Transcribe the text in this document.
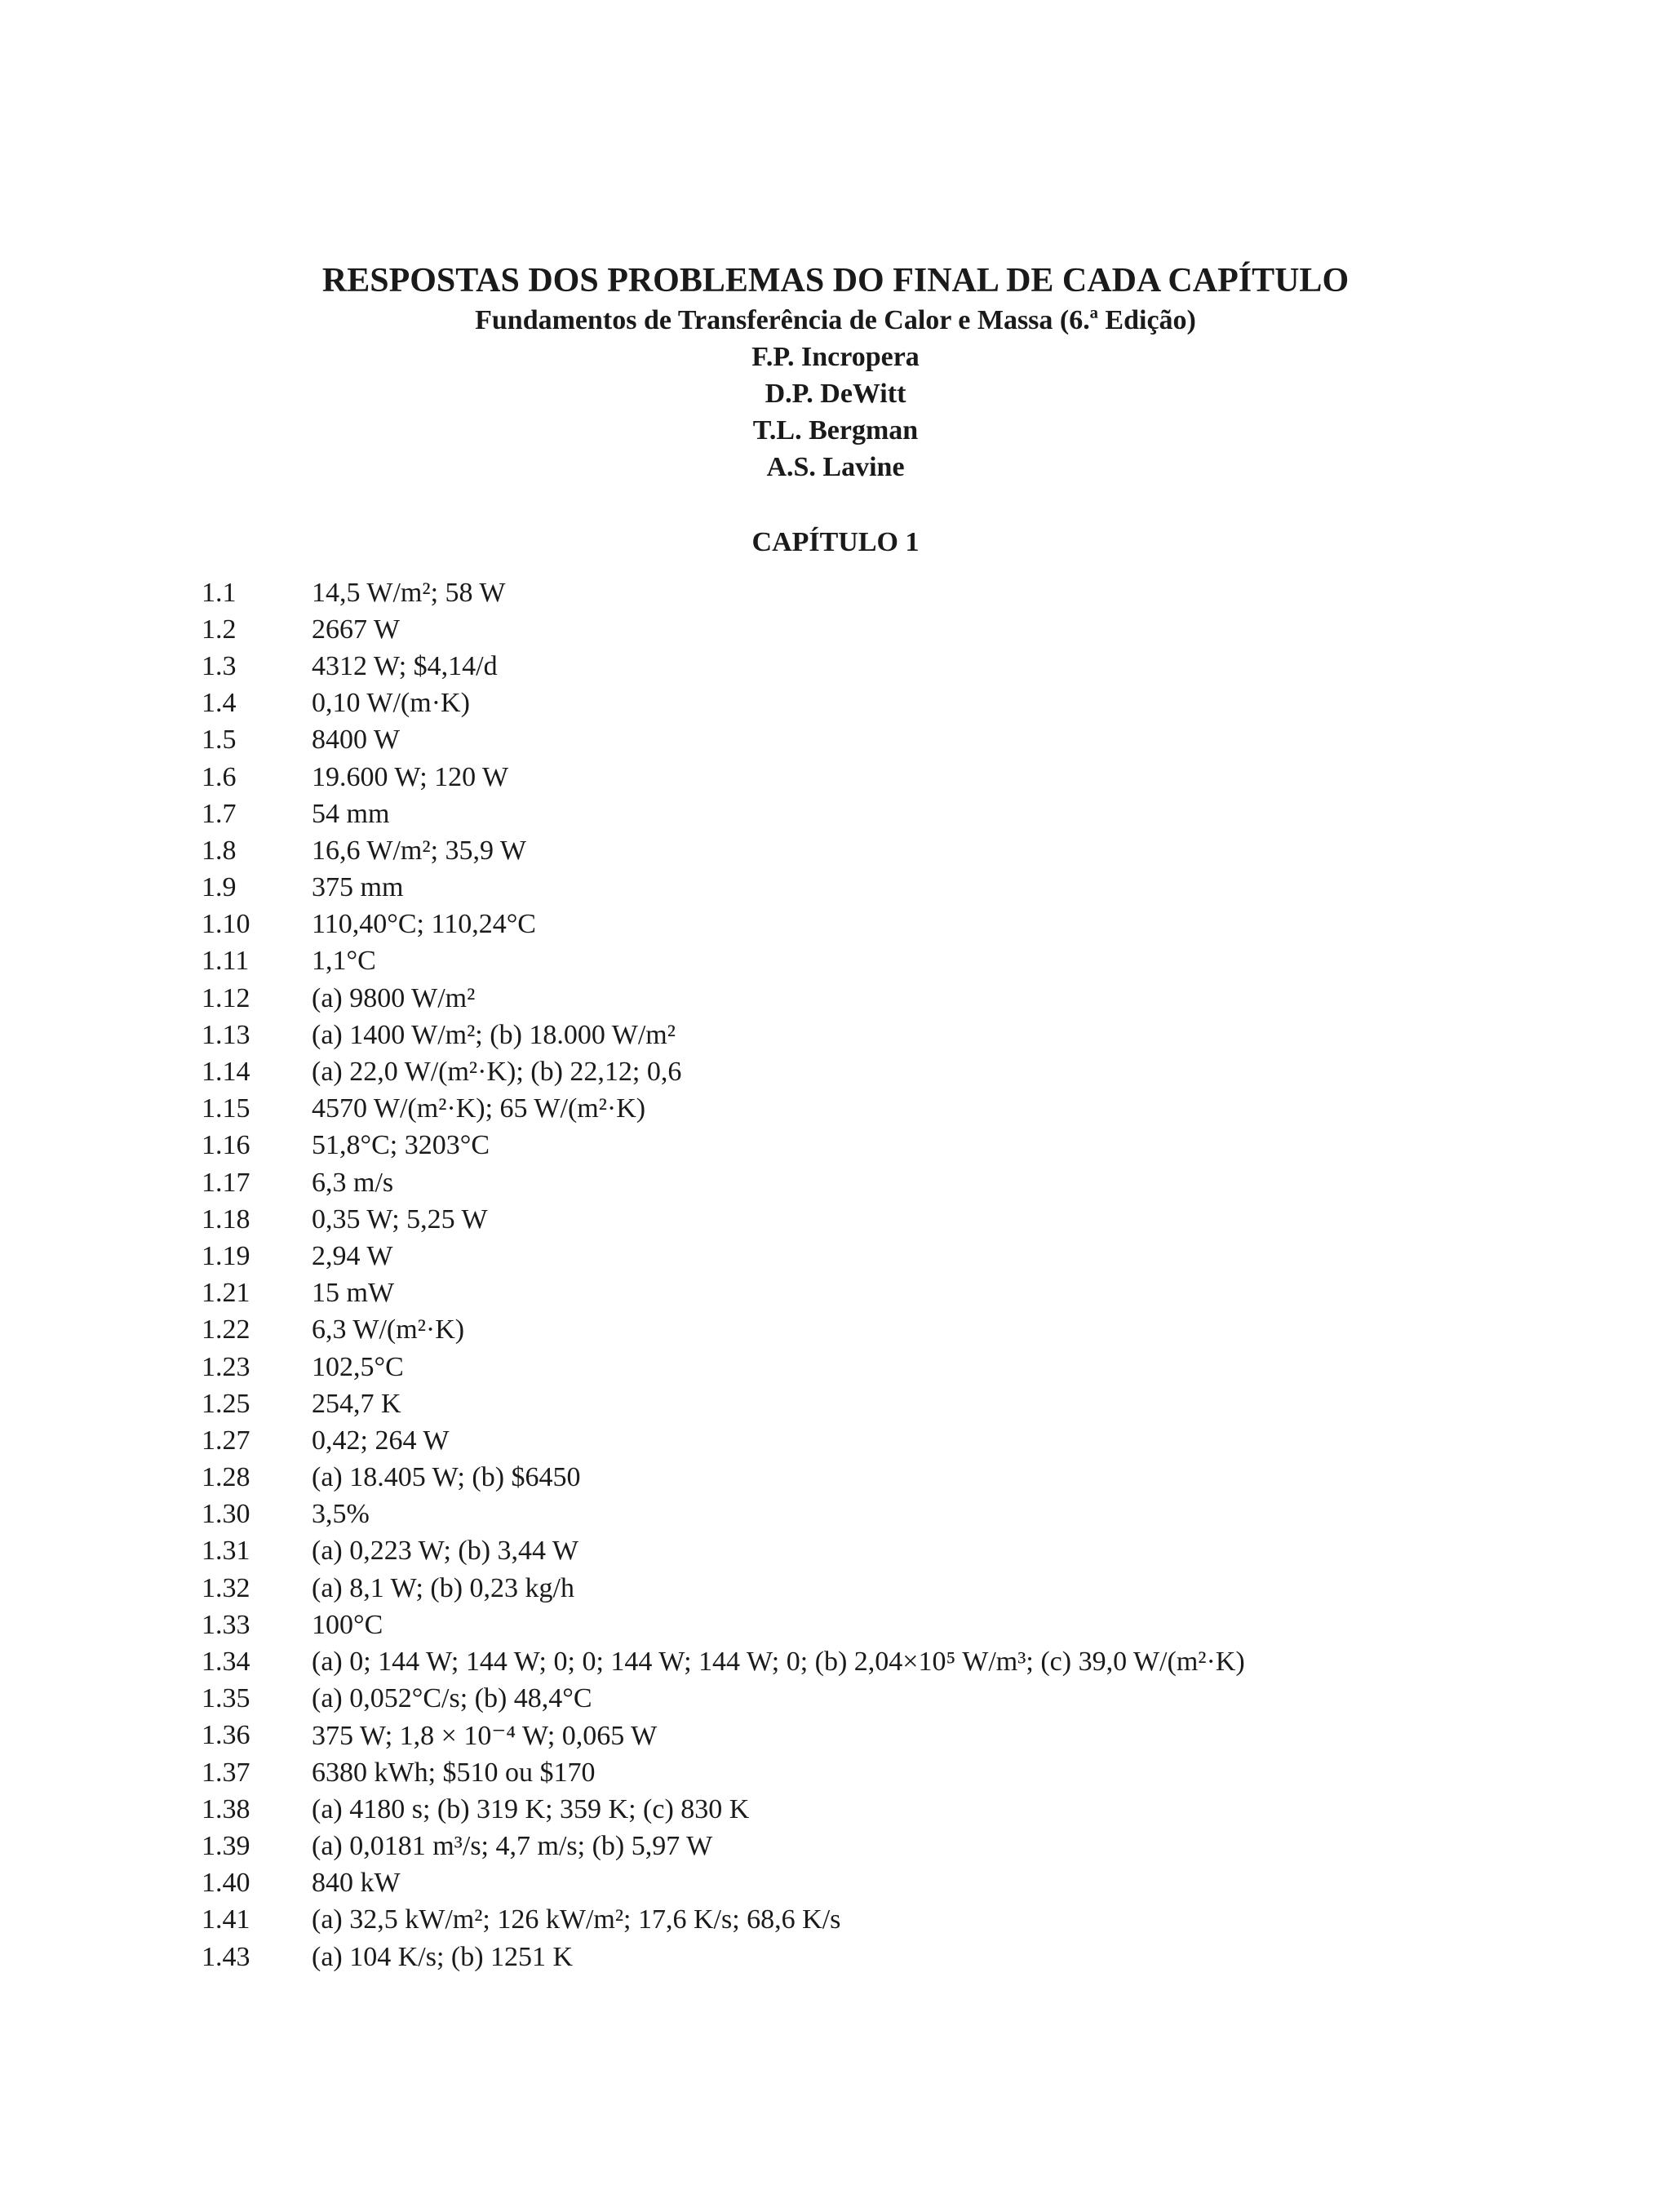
RESPOSTAS DOS PROBLEMAS DO FINAL DE CADA CAPÍTULO

Fundamentos de Transferência de Calor e Massa (6.ª Edição)

F.P. Incropera

D.P. DeWitt

T.L. Bergman

A.S. Lavine

CAPÍTULO 1
1.1	14,5 W/m²; 58 W
1.2	2667 W
1.3	4312 W; $4,14/d
1.4	0,10 W/(m·K)
1.5	8400 W
1.6	19.600 W; 120 W
1.7	54 mm
1.8	16,6 W/m²; 35,9 W
1.9	375 mm
1.10	110,40°C; 110,24°C
1.11	1,1°C
1.12	(a) 9800 W/m²
1.13	(a) 1400 W/m²; (b) 18.000 W/m²
1.14	(a) 22,0 W/(m²·K); (b) 22,12; 0,6
1.15	4570 W/(m²·K); 65 W/(m²·K)
1.16	51,8°C; 3203°C
1.17	6,3 m/s
1.18	0,35 W; 5,25 W
1.19	2,94 W
1.21	15 mW
1.22	6,3 W/(m²·K)
1.23	102,5°C
1.25	254,7 K
1.27	0,42; 264 W
1.28	(a) 18.405 W; (b) $6450
1.30	3,5%
1.31	(a) 0,223 W; (b) 3,44 W
1.32	(a) 8,1 W; (b) 0,23 kg/h
1.33	100°C
1.34	(a) 0; 144 W; 144 W; 0; 0; 144 W; 144 W; 0; (b) 2,04×10⁵ W/m³; (c) 39,0 W/(m²·K)
1.35	(a) 0,052°C/s; (b) 48,4°C
1.36	375 W; 1,8 × 10⁻⁴ W; 0,065 W
1.37	6380 kWh; $510 ou $170
1.38	(a) 4180 s; (b) 319 K; 359 K; (c) 830 K
1.39	(a) 0,0181 m³/s; 4,7 m/s; (b) 5,97 W
1.40	840 kW
1.41	(a) 32,5 kW/m²; 126 kW/m²; 17,6 K/s; 68,6 K/s
1.43	(a) 104 K/s; (b) 1251 K
